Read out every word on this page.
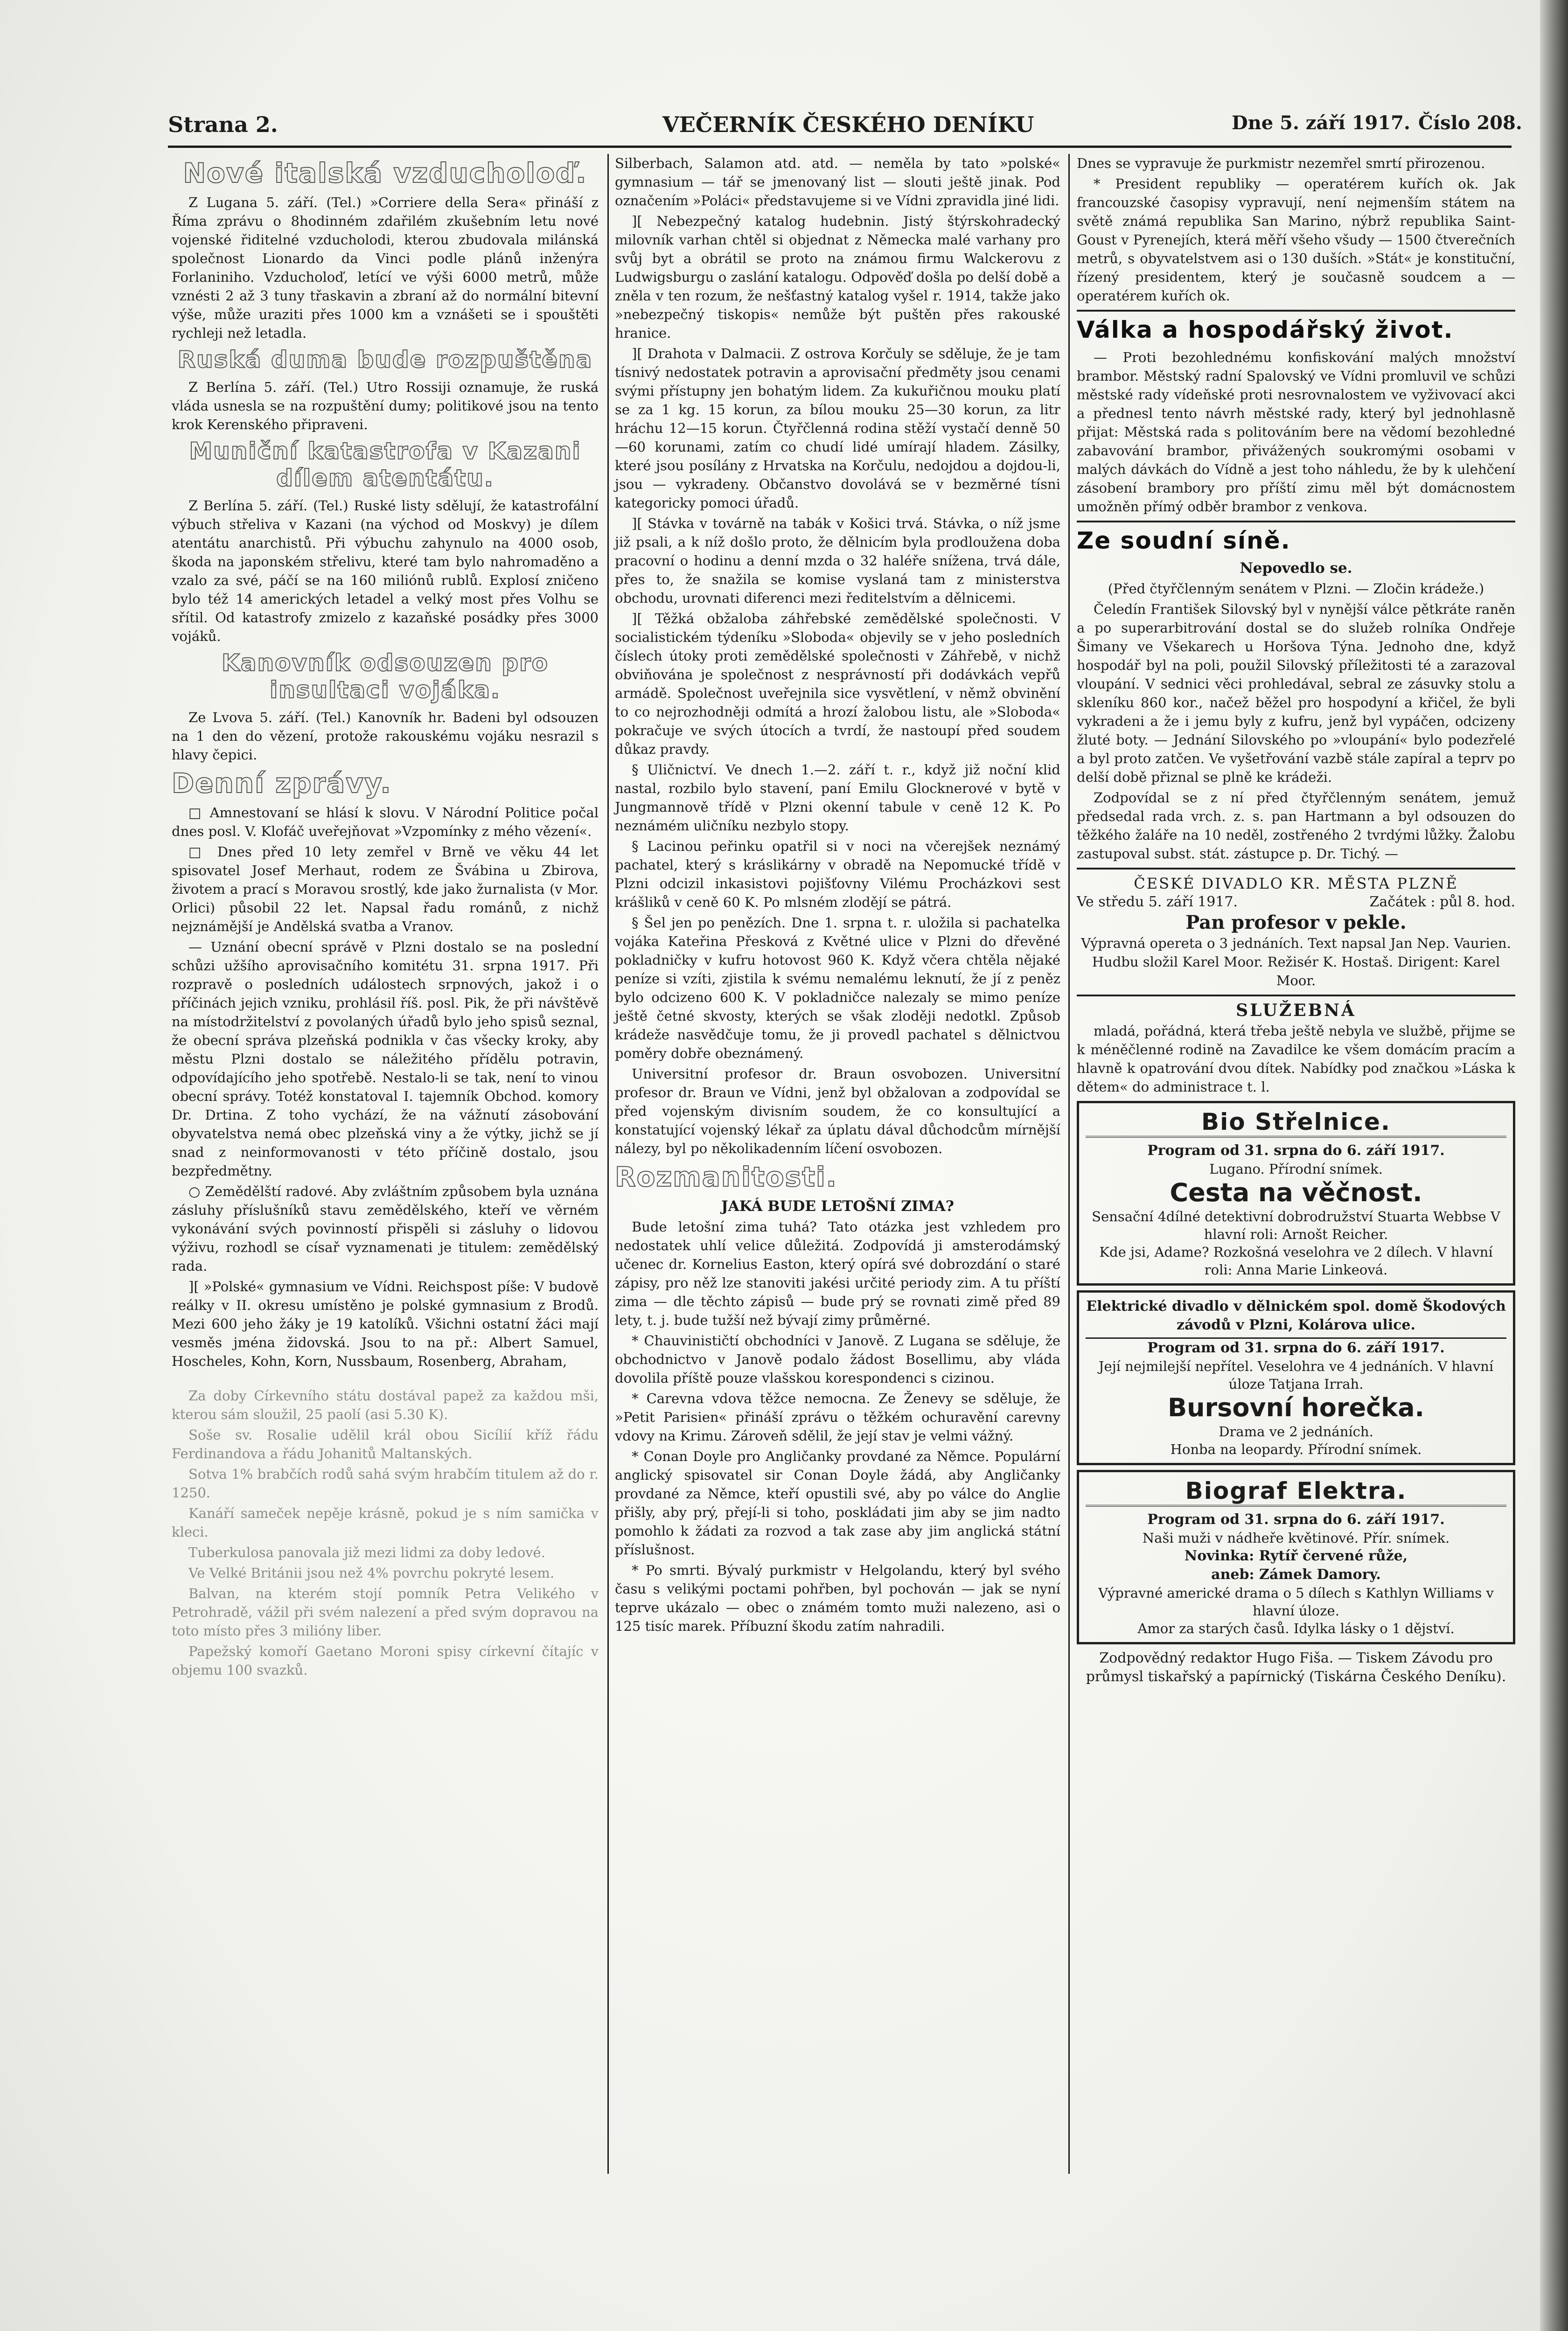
Strana 2.	VEČERNÍK ČESKÉHO DENÍKU	Dne 5. září 1917. Číslo 208.
Nové italská vzducholoď.

Z Lugana 5. září. (Tel.) »Corriere della Sera« přináší z Říma zprávu o 8hodinném zdařilém zkušebním letu nové vojenské řiditelné vzducholodi, kterou zbudovala milánská společnost Lionardo da Vinci podle plánů inženýra Forlaniniho. Vzducholoď, letící ve výši 6000 metrů, může vznésti 2 až 3 tuny třaskavin a zbraní až do normální bitevní výše, může uraziti přes 1000 km a vznášeti se i spouštěti rychleji než letadla.

Ruská duma bude rozpuštěna

Z Berlína 5. září. (Tel.) Utro Rossiji oznamuje, že ruská vláda usnesla se na rozpuštění dumy; politikové jsou na tento krok Kerenského připraveni.

Muniční katastrofa v Kazani dílem atentátu.

Z Berlína 5. září. (Tel.) Ruské listy sdělují, že katastrofální výbuch střeliva v Kazani (na východ od Moskvy) je dílem atentátu anarchistů. Při výbuchu zahynulo na 4000 osob, škoda na japonském střelivu, které tam bylo nahromaděno a vzalo za své, páčí se na 160 miliónů rublů. Explosí zničeno bylo též 14 amerických letadel a velký most přes Volhu se sřítil. Od katastrofy zmizelo z kazaňské posádky přes 3000 vojáků.

Kanovník odsouzen pro insultaci vojáka.

Ze Lvova 5. září. (Tel.) Kanovník hr. Badeni byl odsouzen na 1 den do vězení, protože rakouskému vojáku nesrazil s hlavy čepici.

Denní zprávy.

□ Amnestovaní se hlásí k slovu. V Národní Politice počal dnes posl. V. Klofáč uveřejňovat »Vzpomínky z mého vězení«.

□ Dnes před 10 lety zemřel v Brně ve věku 44 let spisovatel Josef Merhaut, rodem ze Švábina u Zbirova, životem a prací s Moravou srostlý, kde jako žurnalista (v Mor. Orlici) působil 22 let. Napsal řadu románů, z nichž nejznámější je Andělská svatba a Vranov.

— Uznání obecní správě v Plzni dostalo se na poslední schůzi užšího aprovisačního komitétu 31. srpna 1917. Při rozpravě o posledních událostech srpnových, jakož i o příčinách jejich vzniku, prohlásil říš. posl. Pik, že při návštěvě na místodržitelství z povolaných úřadů bylo jeho spisů seznal, že obecní správa plzeňská podnikla v čas všecky kroky, aby městu Plzni dostalo se náležitého přídělu potravin, odpovídajícího jeho spotřebě. Nestalo-li se tak, není to vinou obecní správy. Totéž konstatoval I. tajemník Obchod. komory Dr. Drtina. Z toho vychází, že na vážnutí zásobování obyvatelstva nemá obec plzeňská viny a že výtky, jichž se jí snad z neinformovanosti v této příčině dostalo, jsou bezpředmětny.

○ Zemědělští radové. Aby zvláštním způsobem byla uznána zásluhy příslušníků stavu zemědělského, kteří ve věrném vykonávání svých povinností přispěli si zásluhy o lidovou výživu, rozhodl se císař vyznamenati je titulem: zemědělský rada.

][ »Polské« gymnasium ve Vídni. Reichspost píše: V budově reálky v II. okresu umístěno je polské gymnasium z Brodů. Mezi 600 jeho žáky je 19 katolíků. Všichni ostatní žáci mají vesměs jména židovská. Jsou to na př.: Albert Samuel, Hoscheles, Kohn, Korn, Nussbaum, Rosenberg, Abraham,

Za doby Církevního státu dostával papež za každou mši, kterou sám sloužil, 25 paolí (asi 5.30 K).

Soše sv. Rosalie udělil král obou Sicílií kříž řádu Ferdinandova a řádu Johanitů Maltanských.

Sotva 1% brabčích rodů sahá svým hrabčím titulem až do r. 1250.

Kanáří sameček nepěje krásně, pokud je s ním samička v kleci.

Tuberkulosa panovala již mezi lidmi za doby ledové.

Ve Velké Británii jsou než 4% povrchu pokryté lesem.

Balvan, na kterém stojí pomník Petra Velikého v Petrohradě, vážil při svém nalezení a před svým dopravou na toto místo přes 3 milióny liber.

Papežský komoří Gaetano Moroni spisy církevní čítajíc v objemu 100 svazků.

Silberbach, Salamon atd. atd. — neměla by tato »polské« gymnasium — tář se jmenovaný list — slouti ještě jinak. Pod označením »Poláci« představujeme si ve Vídni zpravidla jiné lidi.

][ Nebezpečný katalog hudebnin. Jistý štýrskohradecký milovník varhan chtěl si objednat z Německa malé varhany pro svůj byt a obrátil se proto na známou firmu Walckerovu z Ludwigsburgu o zaslání katalogu. Odpověď došla po delší době a zněla v ten rozum, že nešťastný katalog vyšel r. 1914, takže jako »nebezpečný tiskopis« nemůže být puštěn přes rakouské hranice.

][ Drahota v Dalmacii. Z ostrova Korčuly se sděluje, že je tam tísnivý nedostatek potravin a aprovisační předměty jsou cenami svými přístupny jen bohatým lidem. Za kukuřičnou mouku platí se za 1 kg. 15 korun, za bílou mouku 25—30 korun, za litr hráchu 12—15 korun. Čtyřčlenná rodina stěží vystačí denně 50—60 korunami, zatím co chudí lidé umírají hladem. Zásilky, které jsou posílány z Hrvatska na Korčulu, nedojdou a dojdou-li, jsou — vykradeny. Občanstvo dovolává se v bezměrné tísni kategoricky pomoci úřadů.

][ Stávka v továrně na tabák v Košici trvá. Stávka, o níž jsme již psali, a k níž došlo proto, že dělnicím byla prodloužena doba pracovní o hodinu a denní mzda o 32 haléře snížena, trvá dále, přes to, že snažila se komise vyslaná tam z ministerstva obchodu, urovnati diferenci mezi ředitelstvím a dělnicemi.

][ Těžká obžaloba záhřebské zemědělské společnosti. V socialistickém týdeníku »Sloboda« objevily se v jeho posledních číslech útoky proti zemědělské společnosti v Záhřebě, v nichž obviňována je společnost z nesprávností při dodávkách vepřů armádě. Společnost uveřejnila sice vysvětlení, v němž obvinění to co nejrozhodněji odmítá a hrozí žalobou listu, ale »Sloboda« pokračuje ve svých útocích a tvrdí, že nastoupí před soudem důkaz pravdy.

§ Uličnictví. Ve dnech 1.—2. září t. r., když již noční klid nastal, rozbilo bylo stavení, paní Emilu Glocknerové v bytě v Jungmannově třídě v Plzni okenní tabule v ceně 12 K. Po neznámém uličníku nezbylo stopy.

§ Lacinou peřinku opatřil si v noci na včerejšek neznámý pachatel, který s kráslikárny v obradě na Nepomucké třídě v Plzni odcizil inkasistovi pojišťovny Vilému Procházkovi sest krášliků v ceně 60 K. Po mlsném zlodějí se pátrá.

§ Šel jen po penězích. Dne 1. srpna t. r. uložila si pachatelka vojáka Kateřina Přesková z Květné ulice v Plzni do dřevěné pokladničky v kufru hotovost 960 K. Když včera chtěla nějaké peníze si vzíti, zjistila k svému nemalému leknutí, že jí z peněz bylo odcizeno 600 K. V pokladničce nalezaly se mimo peníze ještě četné skvosty, kterých se však zloději nedotkl. Způsob krádeže nasvědčuje tomu, že ji provedl pachatel s dělnictvou poměry dobře obeznámený.

Universitní profesor dr. Braun osvobozen. Universitní profesor dr. Braun ve Vídni, jenž byl obžalovan a zodpovídal se před vojenským divisním soudem, že co konsultující a konstatující vojenský lékař za úplatu dával důchodcům mírnější nálezy, byl po několikadenním líčení osvobozen.

Rozmanitosti.
JAKÁ BUDE LETOŠNÍ ZIMA?

Bude letošní zima tuhá? Tato otázka jest vzhledem pro nedostatek uhlí velice důležitá. Zodpovídá ji amsterodámský učenec dr. Kornelius Easton, který opírá své dobrozdání o staré zápisy, pro něž lze stanoviti jakési určité periody zim. A tu příští zima — dle těchto zápisů — bude prý se rovnati zimě před 89 lety, t. j. bude tužší než bývají zimy průměrné.

* Chauvinističtí obchodníci v Janově. Z Lugana se sděluje, že obchodnictvo v Janově podalo žádost Bosellimu, aby vláda dovolila příště pouze vlašskou korespondenci s cizinou.

* Carevna vdova těžce nemocna. Ze Ženevy se sděluje, že »Petit Parisien« přináší zprávu o těžkém ochuravění carevny vdovy na Krimu. Zároveň sdělil, že její stav je velmi vážný.

* Conan Doyle pro Angličanky provdané za Němce. Populární anglický spisovatel sir Conan Doyle žádá, aby Angličanky provdané za Němce, kteří opustili své, aby po válce do Anglie přišly, aby prý, přejí-li si toho, poskládati jim aby se jim nadto pomohlo k žádati za rozvod a tak zase aby jim anglická státní příslušnost.

* Po smrti. Bývalý purkmistr v Helgolandu, který byl svého času s velikými poctami pohřben, byl pochován — jak se nyní teprve ukázalo — obec o známém tomto muži nalezeno, asi o 125 tisíc marek. Příbuzní škodu zatím nahradili.

Dnes se vypravuje že purkmistr nezemřel smrtí přirozenou.

* President republiky — operatérem kuřích ok. Jak francouzské časopisy vypravují, není nejmenším státem na světě známá republika San Marino, nýbrž republika Saint-Goust v Pyrenejích, která měří všeho všudy — 1500 čtverečních metrů, s obyvatelstvem asi o 130 duších. »Stát« je konstituční, řízený presidentem, který je současně soudcem a — operatérem kuřích ok.

Válka a hospodářský život.

— Proti bezohlednému konfiskování malých množství brambor. Městský radní Spalovský ve Vídni promluvil ve schůzi městské rady vídeňské proti nesrovnalostem ve vyživovací akci a přednesl tento návrh městské rady, který byl jednohlasně přijat: Městská rada s politováním bere na vědomí bezohledné zabavování brambor, přivážených soukromými osobami v malých dávkách do Vídně a jest toho náhledu, že by k ulehčení zásobení brambory pro příští zimu měl být domácnostem umožněn přímý odběr brambor z venkova.

Ze soudní síně.
Nepovedlo se.

(Před čtyřčlenným senátem v Plzni. — Zločin krádeže.)

Čeledín František Silovský byl v nynější válce pětkráte raněn a po superarbitrování dostal se do služeb rolníka Ondřeje Šimany ve Všekarech u Horšova Týna. Jednoho dne, když hospodář byl na poli, použil Silovský příležitosti té a zarazoval vloupání. V sednici věci prohledával, sebral ze zásuvky stolu a skleníku 860 kor., načež běžel pro hospodyní a křičel, že byli vykradeni a že i jemu byly z kufru, jenž byl vypáčen, odcizeny žluté boty. — Jednání Silovského po »vloupání« bylo podezřelé a byl proto zatčen. Ve vyšetřování vazbě stále zapíral a teprv po delší době přiznal se plně ke krádeži.

Zodpovídal se z ní před čtyřčlenným senátem, jemuž předsedal rada vrch. z. s. pan Hartmann a byl odsouzen do těžkého žaláře na 10 neděl, zostřeného 2 tvrdými lůžky. Žalobu zastupoval subst. stát. zástupce p. Dr. Tichý. —

ČESKÉ DIVADLO KR. MĚSTA PLZNĚ
Ve středu 5. září 1917.	Začátek : půl 8. hod.
Pan profesor v pekle.

Výpravná opereta o 3 jednáních. Text napsal Jan Nep. Vaurien. Hudbu složil Karel Moor. Režisér K. Hostaš. Dirigent: Karel Moor.

SLUŽEBNÁ

mladá, pořádná, která třeba ještě nebyla ve službě, přijme se k méněčlenné rodině na Zavadilce ke všem domácím pracím a hlavně k opatrování dvou dítek. Nabídky pod značkou »Láska k dětem« do administrace t. l.

Bio Střelnice.
Program od 31. srpna do 6. září 1917.
Lugano. Přírodní snímek.
Cesta na věčnost.
Sensační 4dílné detektivní dobrodružství Stuarta Webbse V hlavní roli: Arnošt Reicher.
Kde jsi, Adame? Rozkošná veselohra ve 2 dílech. V hlavní roli: Anna Marie Linkeová.
Elektrické divadlo v dělnickém spol. domě Škodových závodů v Plzni, Kolárova ulice.
Program od 31. srpna do 6. září 1917.
Její nejmilejší nepřítel. Veselohra ve 4 jednáních. V hlavní úloze Tatjana Irrah.
Bursovní horečka.
Drama ve 2 jednáních.
Honba na leopardy. Přírodní snímek.
Biograf Elektra.
Program od 31. srpna do 6. září 1917.
Naši muži v nádheře květinové. Přír. snímek.
Novinka: Rytíř červené růže,
aneb: Zámek Damory.
Výpravné americké drama o 5 dílech s Kathlyn Williams v hlavní úloze.
Amor za starých časů. Idylka lásky o 1 dějství.

Zodpovědný redaktor Hugo Fiša. — Tiskem Závodu pro průmysl tiskařský a papírnický (Tiskárna Českého Deníku).
